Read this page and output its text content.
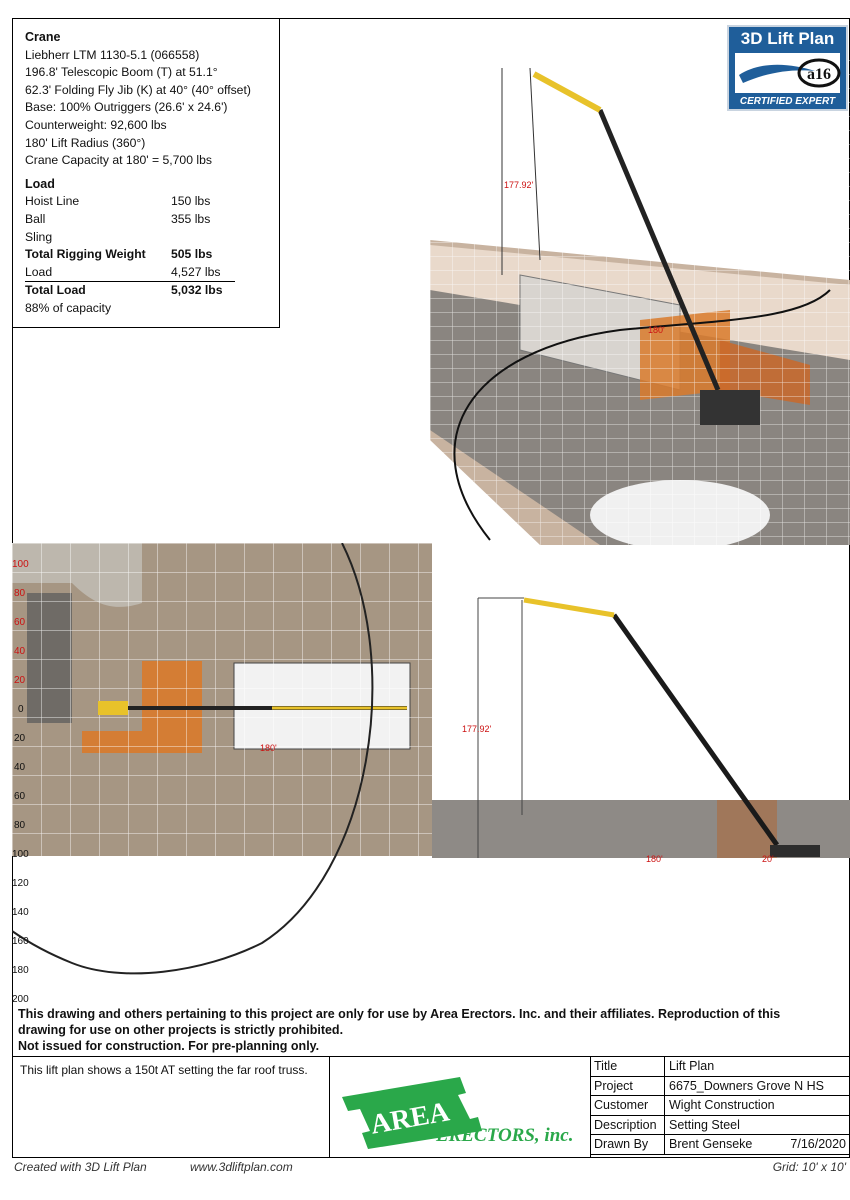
177.92'
180'
180'
100
80
60
40
20
0
20
40
60
80
100
120
140
160
180
200
177.92'
180'	20'
Crane
Liebherr LTM 1130-5.1 (066558)
196.8' Telescopic Boom (T) at 51.1°
62.3' Folding Fly Jib (K) at 40° (40° offset)
Base: 100% Outriggers (26.6' x 24.6')
Counterweight: 92,600 lbs
180' Lift Radius (360°)
Crane Capacity at 180' = 5,700 lbs
Load
Hoist Line	150 lbs
Ball	355 lbs
Sling
Total Rigging Weight	505 lbs
Load	4,527 lbs
Total Load	5,032 lbs
88% of capacity
3D Lift Plan
a16
CERTIFIED EXPERT
This drawing and others pertaining to this project are only for use by Area Erectors. Inc. and their affiliates. Reproduction of this
drawing for use on other projects is strictly prohibited.
Not issued for construction. For pre-planning only.
This lift plan shows a 150t AT setting the far roof truss.
AREA
ERECTORS, inc.
Title	Lift Plan	
Project	6675_Downers Grove N HS	
Customer	Wight Construction	
Description	Setting Steel	
Drawn By	Brent Genseke	7/16/2020
Created with 3D Lift Plan	www.3dliftplan.com	Grid: 10' x 10'
